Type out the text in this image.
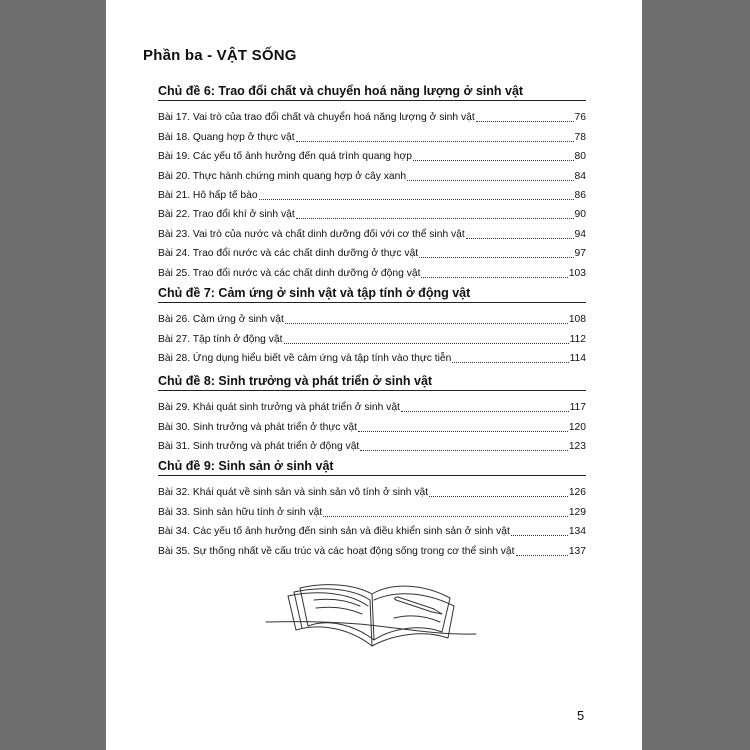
Phần ba - VẬT SỐNG
Chủ đề 6: Trao đổi chất và chuyển hoá năng lượng ở sinh vật
Bài 17. Vai trò của trao đổi chất và chuyển hoá năng lượng ở sinh vật	76
Bài 18. Quang hợp ở thực vật	78
Bài 19. Các yếu tố ảnh hưởng đến quá trình quang hợp	80
Bài 20. Thực hành chứng minh quang hợp ở cây xanh	84
Bài 21. Hô hấp tế bào	86
Bài 22. Trao đổi khí ở sinh vật	90
Bài 23. Vai trò của nước và chất dinh dưỡng đối với cơ thể sinh vật	94
Bài 24. Trao đổi nước và các chất dinh dưỡng ở thực vật	97
Bài 25. Trao đổi nước và các chất dinh dưỡng ở động vật	103
Chủ đề 7: Cảm ứng ở sinh vật và tập tính ở động vật
Bài 26. Cảm ứng ở sinh vật	108
Bài 27. Tập tính ở động vật	112
Bài 28. Ứng dụng hiểu biết về cảm ứng và tập tính vào thực tiễn	114
Chủ đề 8: Sinh trưởng và phát triển ở sinh vật
Bài 29. Khái quát sinh trưởng và phát triển ở sinh vật	117
Bài 30. Sinh trưởng và phát triển ở thực vật	120
Bài 31. Sinh trưởng và phát triển ở động vật	123
Chủ đề 9: Sinh sản ở sinh vật
Bài 32. Khái quát về sinh sản và sinh sản vô tính ở sinh vật	126
Bài 33. Sinh sản hữu tính ở sinh vật	129
Bài 34. Các yếu tố ảnh hưởng đến sinh sản và điều khiển sinh sản ở sinh vật	134
Bài 35. Sự thống nhất về cấu trúc và các hoạt động sống trong cơ thể sinh vật	137
5
